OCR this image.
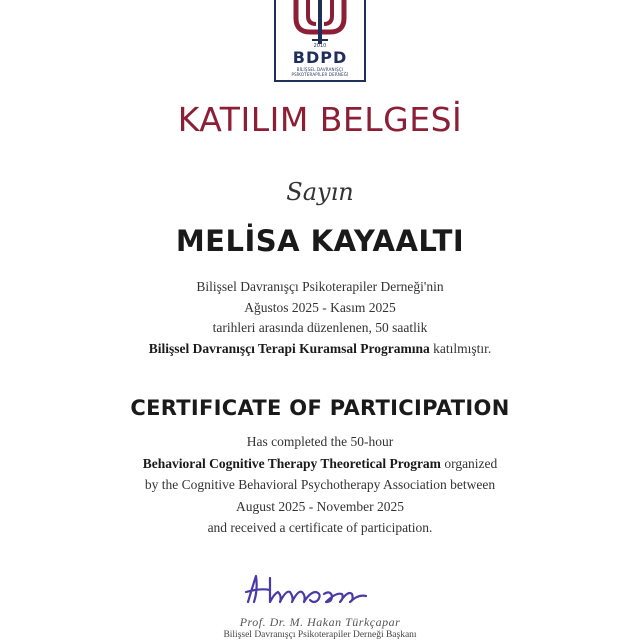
2010
BDPD
BİLİŞSEL DAVRANIŞÇI
PSİKOTERAPİLER DERNEĞİ
KATILIM BELGESİ
Sayın
MELİSA KAYAALTI
Bilişsel Davranışçı Psikoterapiler Derneği'nin
Ağustos 2025 - Kasım 2025
tarihleri arasında düzenlenen, 50 saatlik
Bilişsel Davranışçı Terapi Kuramsal Programına katılmıştır.
CERTIFICATE OF PARTICIPATION
Has completed the 50-hour
Behavioral Cognitive Therapy Theoretical Program organized
by the Cognitive Behavioral Psychotherapy Association between
August 2025 - November 2025
and received a certificate of participation.
Prof. Dr. M. Hakan Türkçapar
Bilişsel Davranışçı Psikoterapiler Derneği Başkanı
